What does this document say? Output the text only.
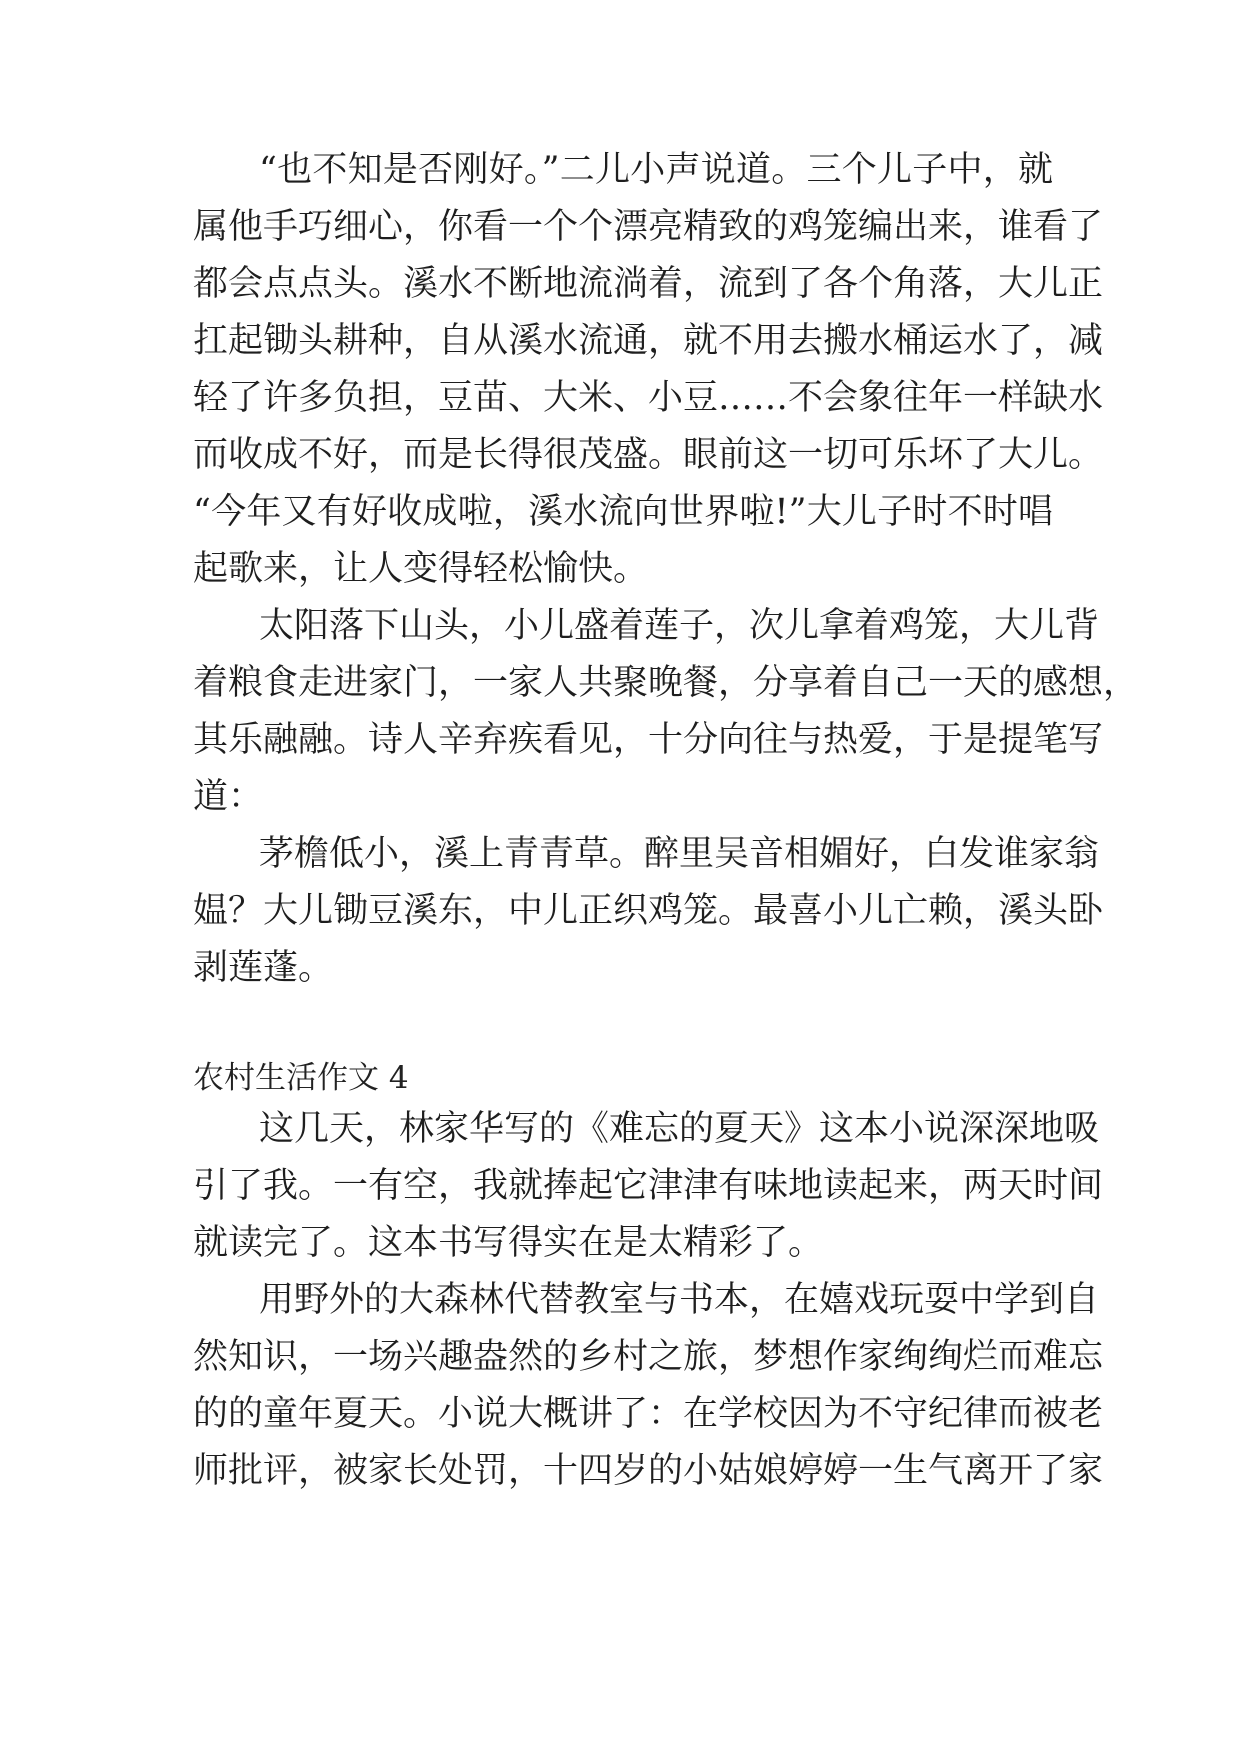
“也不知是否刚好。”二儿小声说道。三个儿子中，就
属他手巧细心，你看一个个漂亮精致的鸡笼编出来，谁看了
都会点点头。溪水不断地流淌着，流到了各个角落，大儿正
扛起锄头耕种，自从溪水流通，就不用去搬水桶运水了，减
轻了许多负担，豆苗、大米、小豆……不会象往年一样缺水
而收成不好，而是长得很茂盛。眼前这一切可乐坏了大儿。
“今年又有好收成啦，溪水流向世界啦!”大儿子时不时唱
起歌来，让人变得轻松愉快。
太阳落下山头，小儿盛着莲子，次儿拿着鸡笼，大儿背
着粮食走进家门，一家人共聚晚餐，分享着自己一天的感想，
其乐融融。诗人辛弃疾看见，十分向往与热爱，于是提笔写
道：
茅檐低小，溪上青青草。醉里吴音相媚好，白发谁家翁
媪？大儿锄豆溪东，中儿正织鸡笼。最喜小儿亡赖，溪头卧
剥莲蓬。
农村生活作文 4
这几天，林家华写的《难忘的夏天》这本小说深深地吸
引了我。一有空，我就捧起它津津有味地读起来，两天时间
就读完了。这本书写得实在是太精彩了。
用野外的大森林代替教室与书本，在嬉戏玩耍中学到自
然知识，一场兴趣盎然的乡村之旅，梦想作家绚绚烂而难忘
的的童年夏天。小说大概讲了：在学校因为不守纪律而被老
师批评，被家长处罚，十四岁的小姑娘婷婷一生气离开了家
